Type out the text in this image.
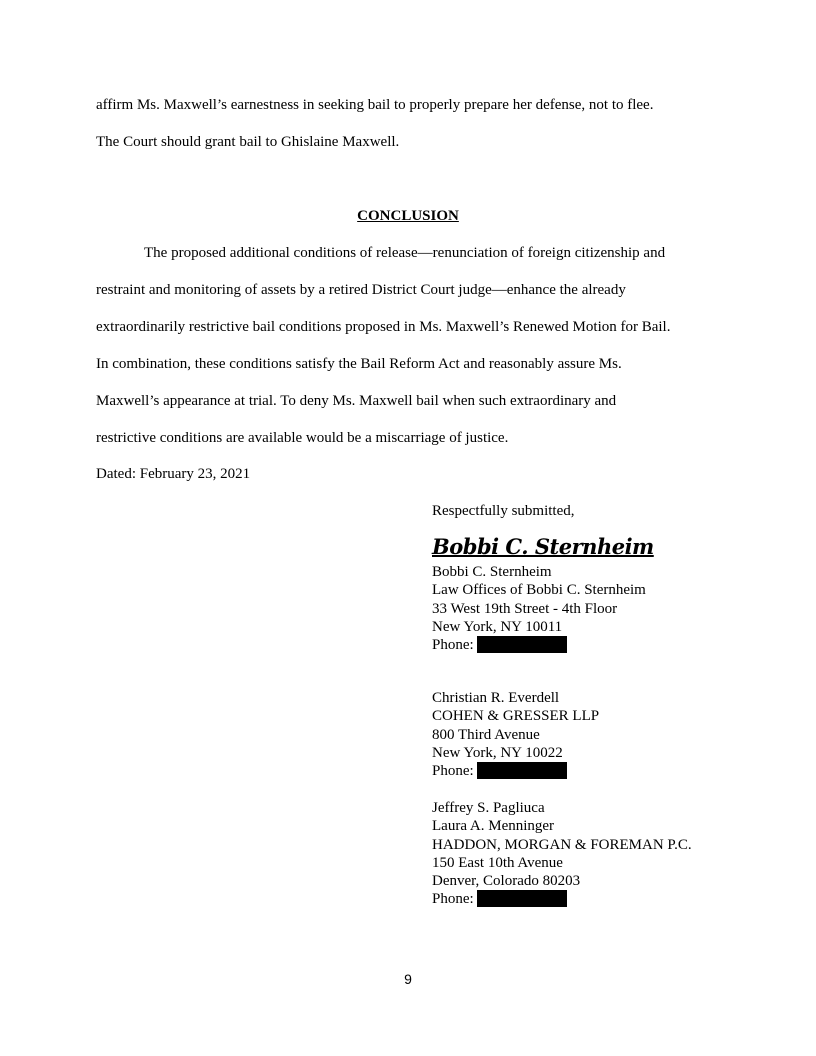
affirm Ms. Maxwell’s earnestness in seeking bail to properly prepare her defense, not to flee.
The Court should grant bail to Ghislaine Maxwell.
CONCLUSION
The proposed additional conditions of release—renunciation of foreign citizenship and
restraint and monitoring of assets by a retired District Court judge—enhance the already
extraordinarily restrictive bail conditions proposed in Ms. Maxwell’s Renewed Motion for Bail.
In combination, these conditions satisfy the Bail Reform Act and reasonably assure Ms.
Maxwell’s appearance at trial. To deny Ms. Maxwell bail when such extraordinary and
restrictive conditions are available would be a miscarriage of justice.
Dated: February 23, 2021
Respectfully submitted,
Bobbi C. Sternheim
Bobbi C. Sternheim
Law Offices of Bobbi C. Sternheim
33 West 19th Street - 4th Floor
New York, NY 10011
Phone:
Christian R. Everdell
COHEN & GRESSER LLP
800 Third Avenue
New York, NY 10022
Phone:
Jeffrey S. Pagliuca
Laura A. Menninger
HADDON, MORGAN & FOREMAN P.C.
150 East 10th Avenue
Denver, Colorado 80203
Phone:
9
